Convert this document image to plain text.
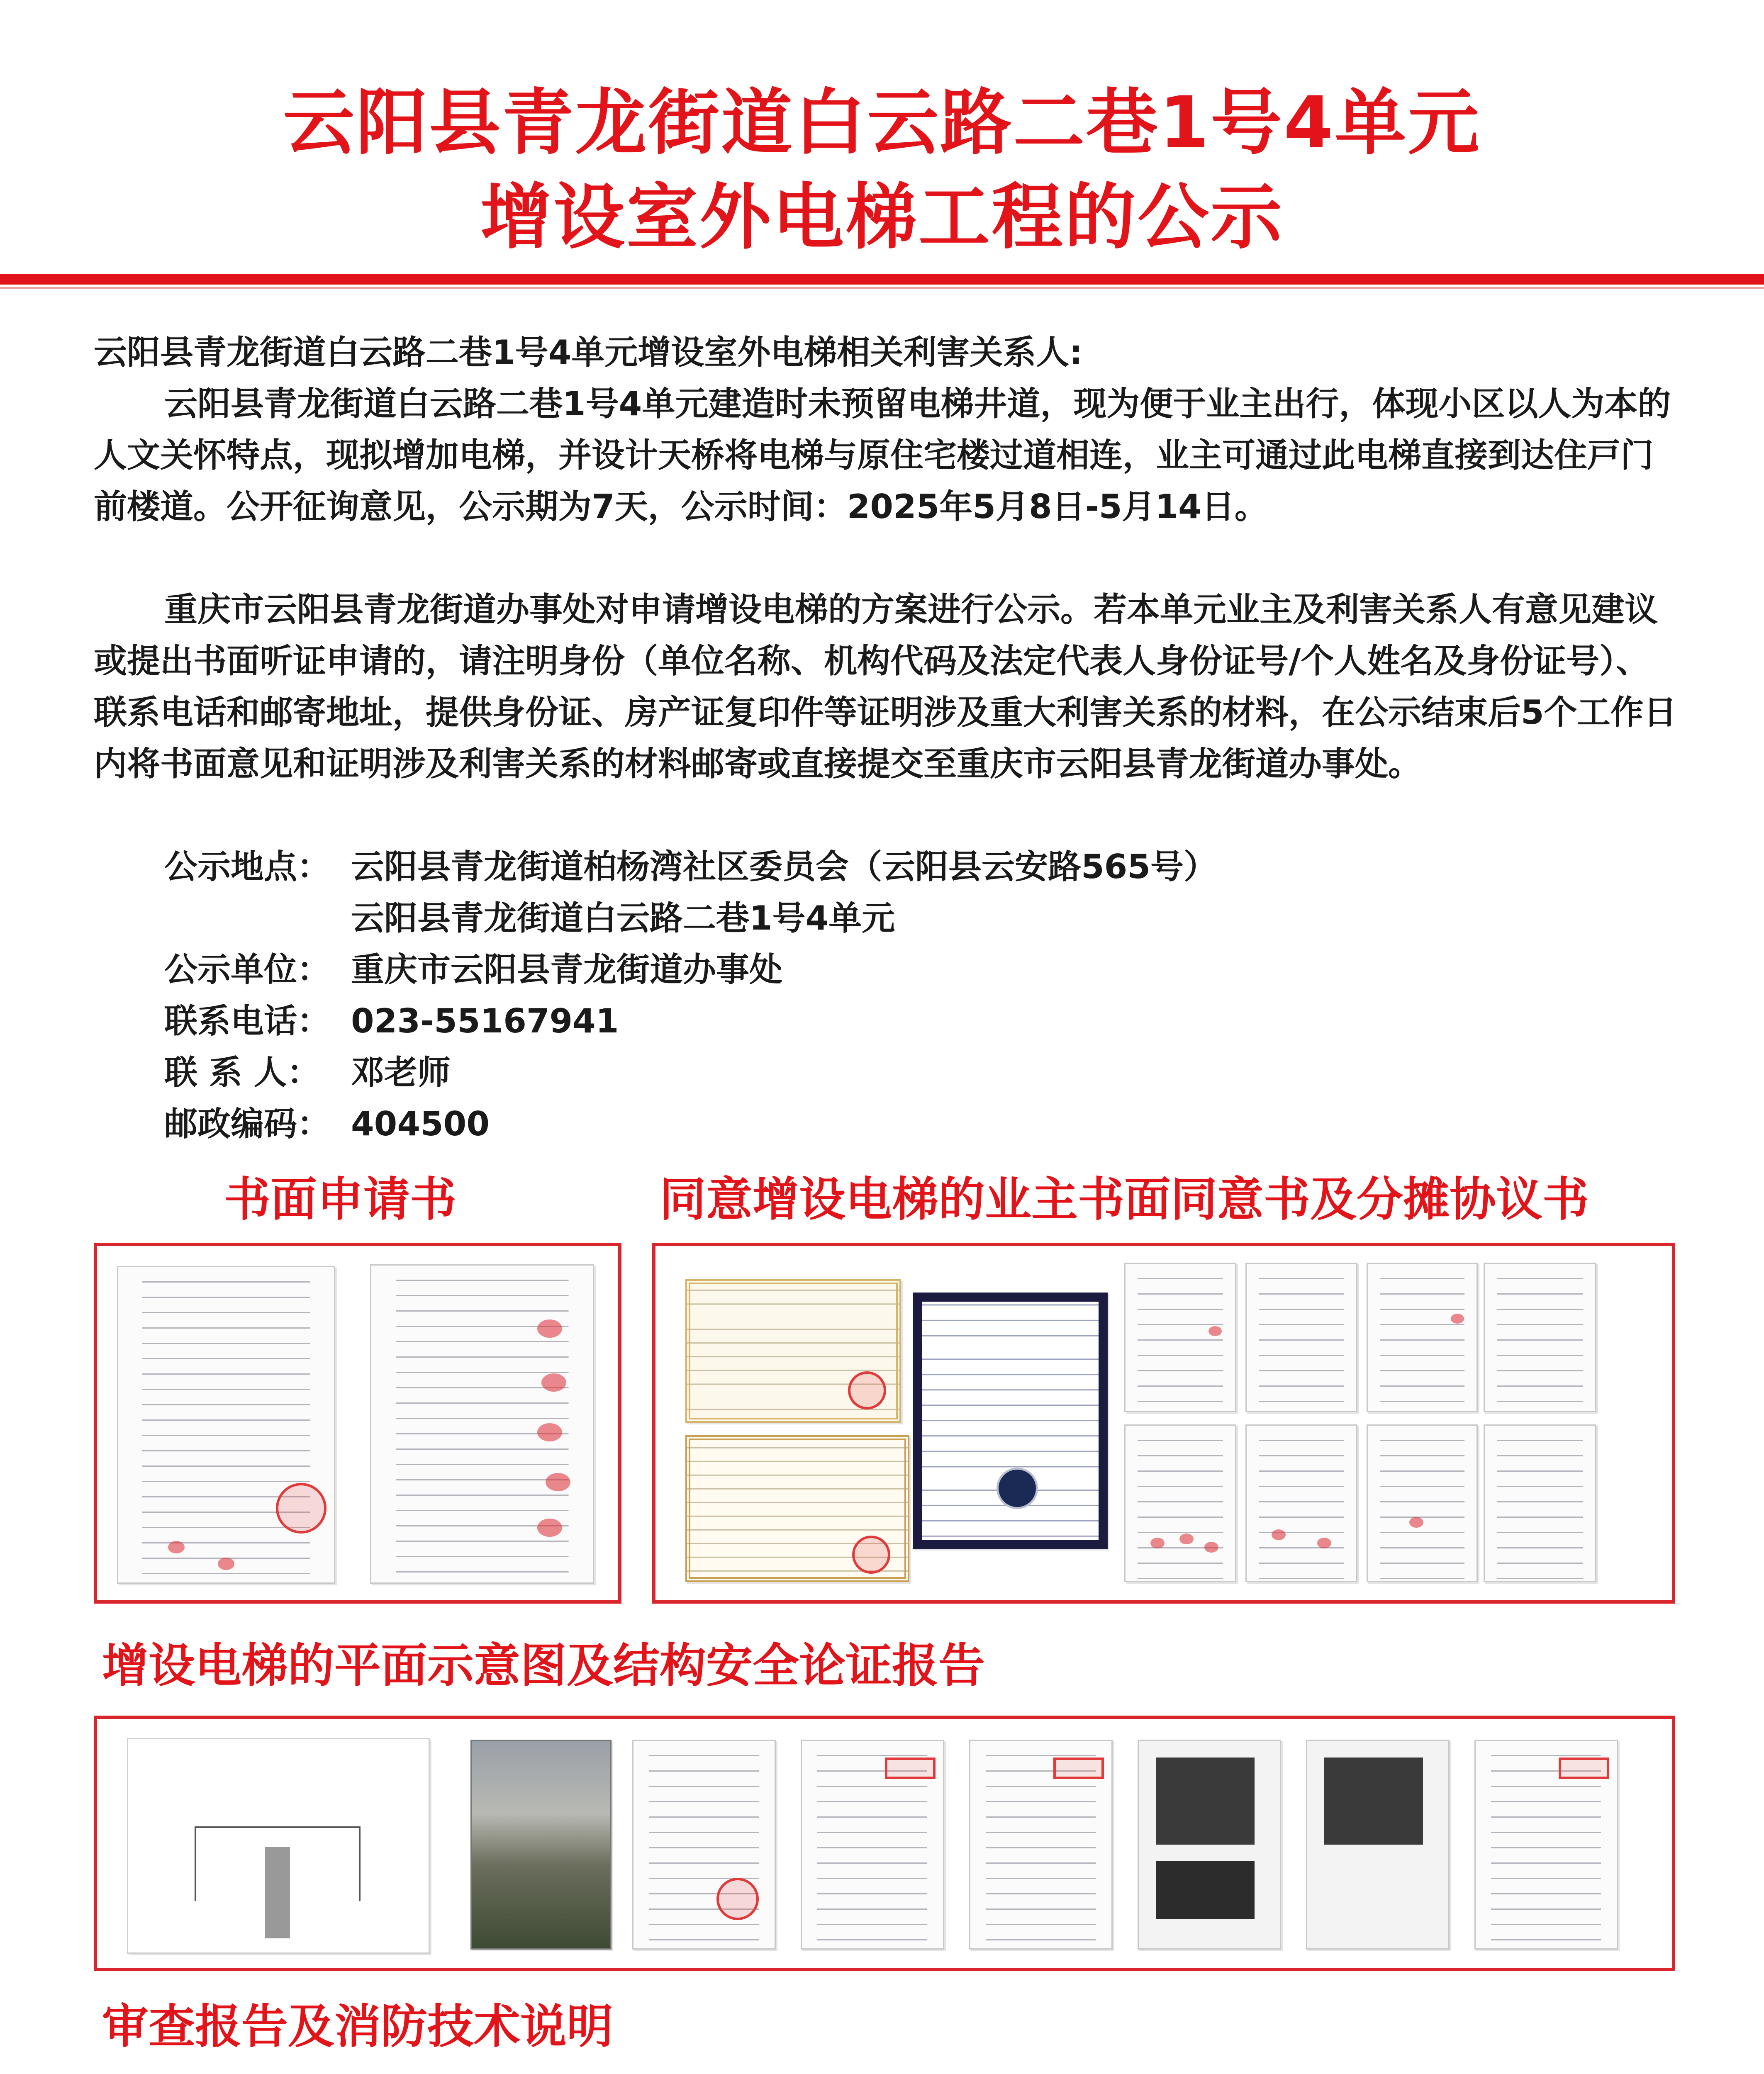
云阳县青龙街道白云路二巷1号4单元
增设室外电梯工程的公示
云阳县青龙街道白云路二巷1号4单元增设室外电梯相关利害关系人:
云阳县青龙街道白云路二巷1号4单元建造时未预留电梯井道，现为便于业主出行，体现小区以人为本的人文关怀特点，现拟增加电梯，并设计天桥将电梯与原住宅楼过道相连，业主可通过此电梯直接到达住戸门前楼道。公开征询意见，公示期为7天，公示时间：2025年5月8日-5月14日。
重庆市云阳县青龙街道办事处对申请增设电梯的方案进行公示。若本单元业主及利害关系人有意见建议或提出书面听证申请的，请注明身份（单位名称、机构代码及法定代表人身份证号/个人姓名及身份证号）、联系电话和邮寄地址，提供身份证、房产证复印件等证明涉及重大利害关系的材料，在公示结束后5个工作日内将书面意见和证明涉及利害关系的材料邮寄或直接提交至重庆市云阳县青龙街道办事处。
公示地点： 云阳县青龙街道柏杨湾社区委员会（云阳县云安路565号）
云阳县青龙街道白云路二巷1号4单元
公示单位： 重庆市云阳县青龙街道办事处
联系电话： 023-55167941
联 系 人： 邓老师
邮政编码： 404500
书面申请书	同意增设电梯的业主书面同意书及分摊协议书
增设电梯的平面示意图及结构安全论证报告
审查报告及消防技术说明
